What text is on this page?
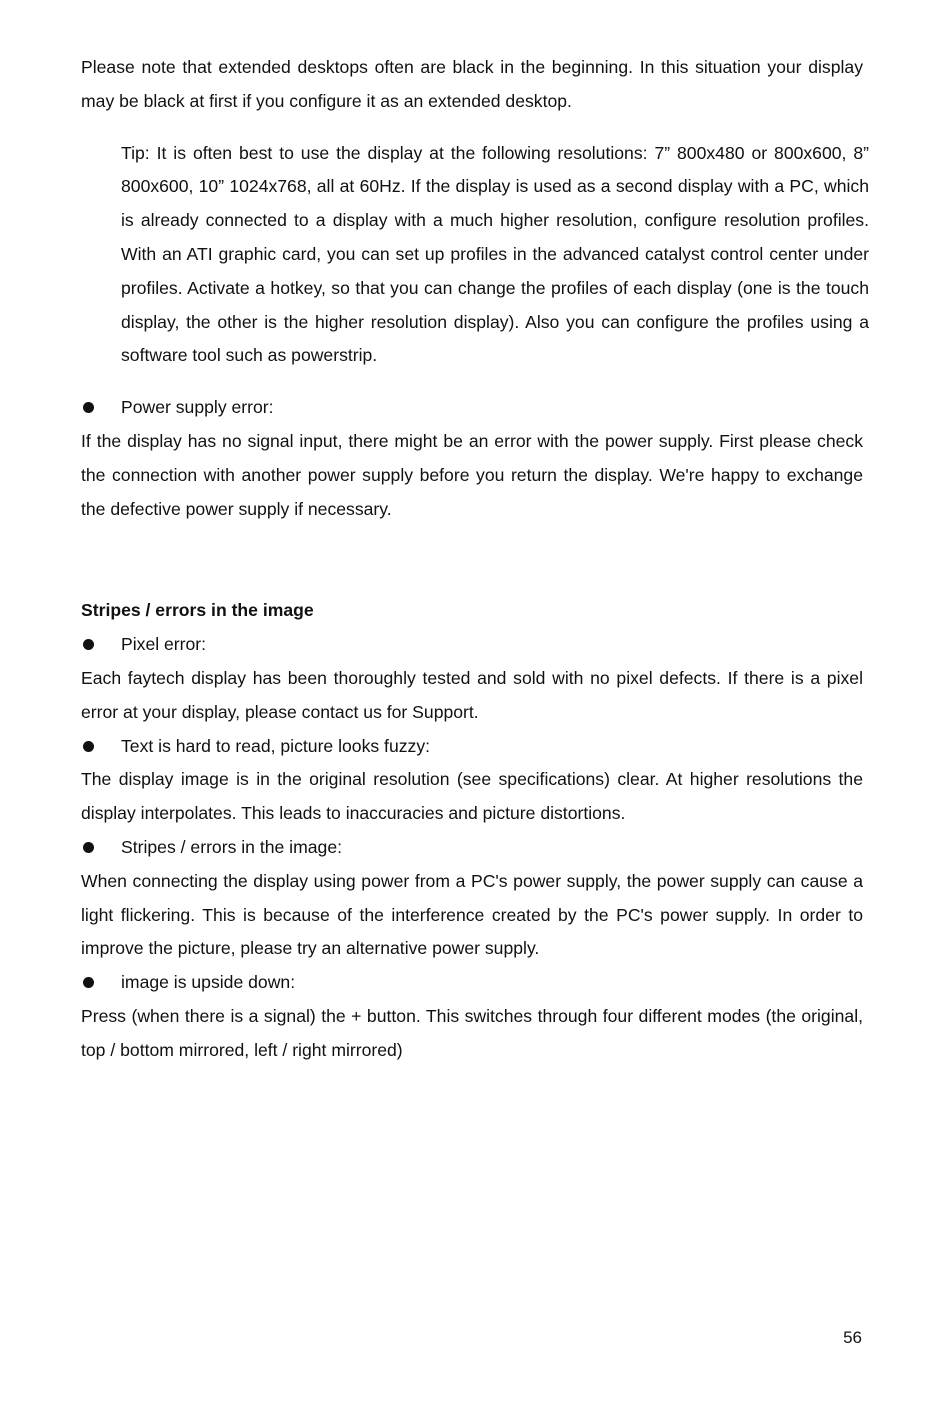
Please note that extended desktops often are black in the beginning. In this situation your display may be black at first if you configure it as an extended desktop.

Tip: It is often best to use the display at the following resolutions: 7” 800x480 or 800x600, 8” 800x600, 10” 1024x768, all at 60Hz. If the display is used as a second display with a PC, which is already connected to a display with a much higher resolution, configure resolution profiles. With an ATI graphic card, you can set up profiles in the advanced catalyst control center under profiles. Activate a hotkey, so that you can change the profiles of each display (one is the touch display, the other is the higher resolution display). Also you can configure the profiles using a software tool such as powerstrip.

Power supply error:

If the display has no signal input, there might be an error with the power supply. First please check the connection with another power supply before you return the display. We're happy to exchange the defective power supply if necessary.

Stripes / errors in the image

Pixel error:

Each faytech display has been thoroughly tested and sold with no pixel defects. If there is a pixel error at your display, please contact us for Support.

Text is hard to read, picture looks fuzzy:

The display image is in the original resolution (see specifications) clear. At higher resolutions the display interpolates. This leads to inaccuracies and picture distortions.

Stripes / errors in the image:

When connecting the display using power from a PC's power supply, the power supply can cause a light flickering. This is because of the interference created by the PC's power supply. In order to improve the picture, please try an alternative power supply.

image is upside down:

Press (when there is a signal) the + button. This switches through four different modes (the original, top / bottom mirrored, left / right mirrored)

56
